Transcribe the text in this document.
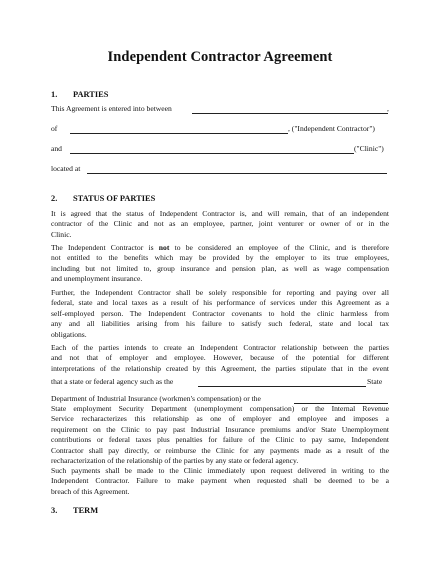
Independent Contractor Agreement
1. PARTIES
This Agreement is entered into between	,
of	, ("Independent Contractor")
and	("Clinic")
located at
2. STATUS OF PARTIES
It is agreed that the status of Independent Contractor is, and will remain, that of an independent
contractor of the Clinic and not as an employee, partner, joint venturer or owner of or in the
Clinic.
The Independent Contractor is not to be considered an employee of the Clinic, and is therefore
not entitled to the benefits which may be provided by the employer to its true employees,
including but not limited to, group insurance and pension plan, as well as wage compensation
and unemployment insurance.
Further, the Independent Contractor shall be solely responsible for reporting and paying over all
federal, state and local taxes as a result of his performance of services under this Agreement as a
self-employed person. The Independent Contractor covenants to hold the clinic harmless from
any and all liabilities arising from his failure to satisfy such federal, state and local tax
obligations.
Each of the parties intends to create an Independent Contractor relationship between the parties
and not that of employer and employee. However, because of the potential for different
interpretations of the relationship created by this Agreement, the parties stipulate that in the event
that a state or federal agency such as the	State
Department of Industrial Insurance (workmen's compensation) or the
State employment Security Department (unemployment compensation) or the Internal Revenue
Service recharacterizes this relationship as one of employer and employee and imposes a
requirement on the Clinic to pay past Industrial Insurance premiums and/or State Unemployment
contributions or federal taxes plus penalties for failure of the Clinic to pay same, Independent
Contractor shall pay directly, or reimburse the Clinic for any payments made as a result of the
recharacterization of the relationship of the parties by any state or federal agency.
Such payments shall be made to the Clinic immediately upon request delivered in writing to the
Independent Contractor. Failure to make payment when requested shall be deemed to be a
breach of this Agreement.
3. TERM
